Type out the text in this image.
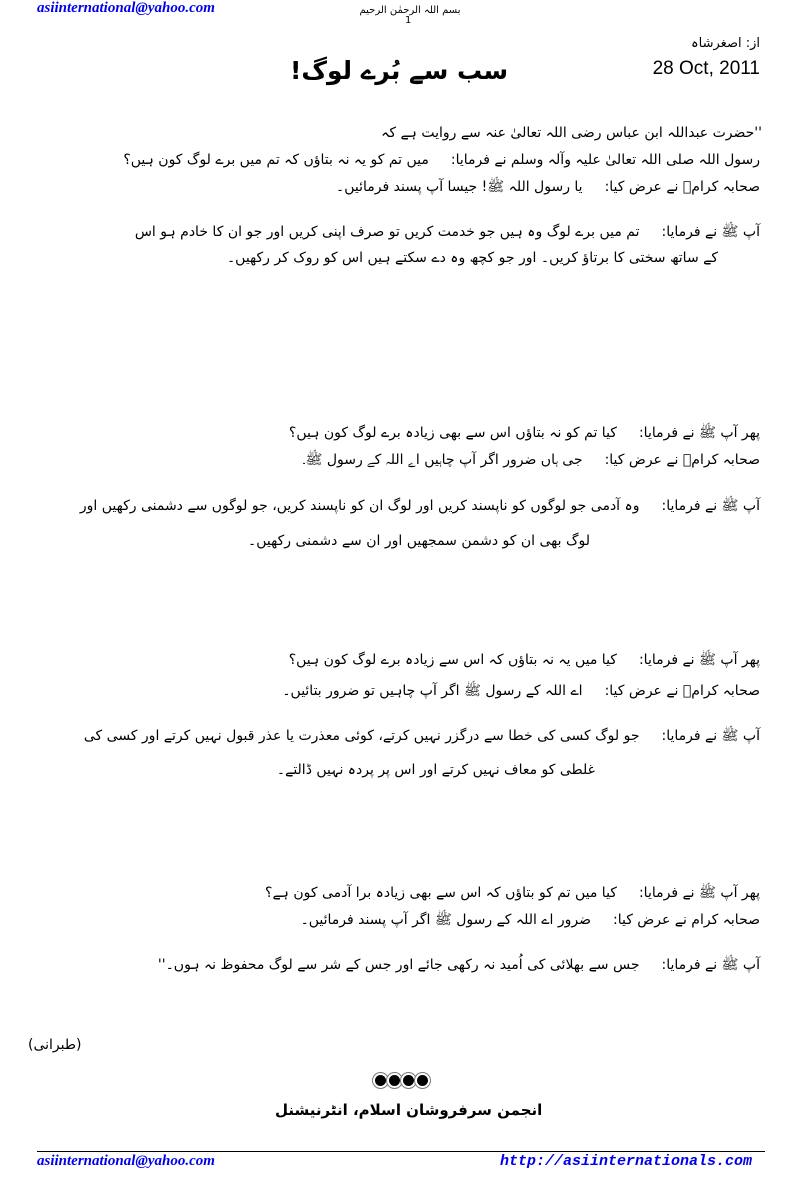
asiinternational@yahoo.com	بسم اللہ الرحمٰن الرحیم
1
از: اصغرشاہ
28 Oct, 2011
سب سے بُرے لوگ!
''حضرت عبداللہ ابن عباس رضی اللہ تعالیٰ عنہ سے روایت ہے کہ
رسول اللہ صلی اللہ تعالیٰ علیہ وآلہ وسلم نے فرمایا:میں تم کو یہ نہ بتاؤں کہ تم میں برے لوگ کون ہیں؟
صحابہ کرامؓ نے عرض کیا:یا رسول اللہ ﷺ! جیسا آپ پسند فرمائیں۔
آپ ﷺ نے فرمایا:تم میں برے لوگ وہ ہیں جو خدمت کریں تو صرف اپنی کریں اور جو ان کا خادم ہو اس
کے ساتھ سختی کا برتاؤ کریں۔ اور جو کچھ وہ دے سکتے ہیں اس کو روک کر رکھیں۔
پھر آپ ﷺ نے فرمایا:کیا تم کو نہ بتاؤں اس سے بھی زیادہ برے لوگ کون ہیں؟
صحابہ کرامؓ نے عرض کیا:جی ہاں ضرور اگر آپ چاہیں اے اللہ کے رسول ﷺ۔
آپ ﷺ نے فرمایا:وہ آدمی جو لوگوں کو ناپسند کریں اور لوگ ان کو ناپسند کریں، جو لوگوں سے دشمنی رکھیں اور
لوگ بھی ان کو دشمن سمجھیں اور ان سے دشمنی رکھیں۔
پھر آپ ﷺ نے فرمایا:کیا میں یہ نہ بتاؤں کہ اس سے زیادہ برے لوگ کون ہیں؟
صحابہ کرامؓ نے عرض کیا:اے اللہ کے رسول ﷺ اگر آپ چاہیں تو ضرور بتائیں۔
آپ ﷺ نے فرمایا:جو لوگ کسی کی خطا سے درگزر نہیں کرتے، کوئی معذرت یا عذر قبول نہیں کرتے اور کسی کی
غلطی کو معاف نہیں کرتے اور اس پر پردہ نہیں ڈالتے۔
پھر آپ ﷺ نے فرمایا:کیا میں تم کو بتاؤں کہ اس سے بھی زیادہ برا آدمی کون ہے؟
صحابہ کرام نے عرض کیا:ضرور اے اللہ کے رسول ﷺ اگر آپ پسند فرمائیں۔
آپ ﷺ نے فرمایا:جس سے بھلائی کی اُمید نہ رکھی جائے اور جس کے شر سے لوگ محفوظ نہ ہوں۔''
(طبرانی)
انجمن سرفروشان اسلام، انٹرنیشنل
asiinternational@yahoo.com	http://asiinternationals.com
